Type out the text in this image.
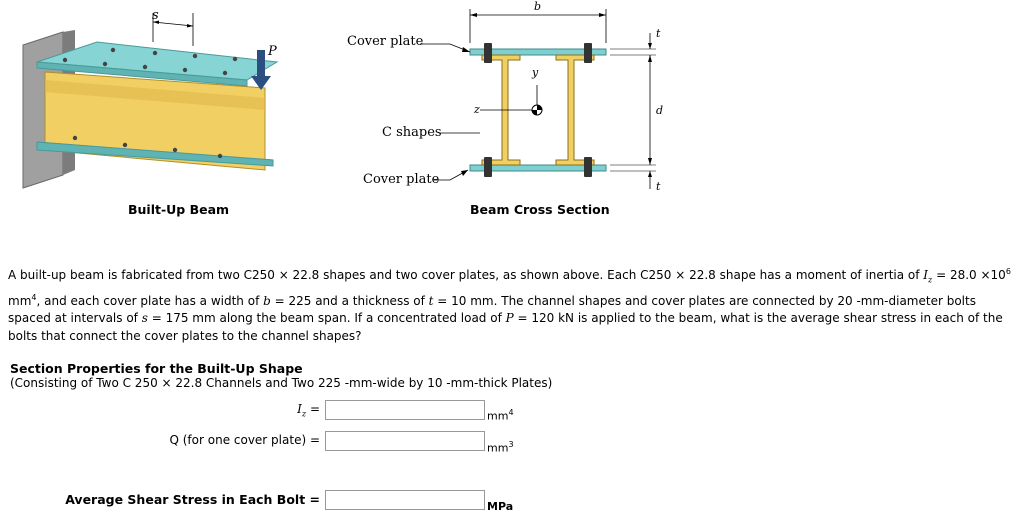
s
P
Built-Up Beam
Cover plate
C shapes
Cover plate
b
t
d
t
y
z
Beam Cross Section
A built-up beam is fabricated from two C250 × 22.8 shapes and two cover plates, as shown above. Each C250 × 22.8 shape has a moment of inertia of $I_z = 28.0 \times 10^6$ $mm^4$, and each cover plate has a width of b = 225 and a thickness of t = 10 mm. The channel shapes and cover plates are connected by 20 -mm-diameter bolts spaced at intervals of s = 175 mm along the beam span. If a concentrated load of P = 120 kN is applied to the beam, what is the average shear stress in each of the bolts that connect the cover plates to the channel shapes?
Section Properties for the Built-Up Shape
(Consisting of Two C 250 × 22.8 Channels and Two 225 -mm-wide by 10 -mm-thick Plates)
$I_z$ =
$mm^4$
Q (for one cover plate) =
$mm^3$
Average Shear Stress in Each Bolt =	MPa
